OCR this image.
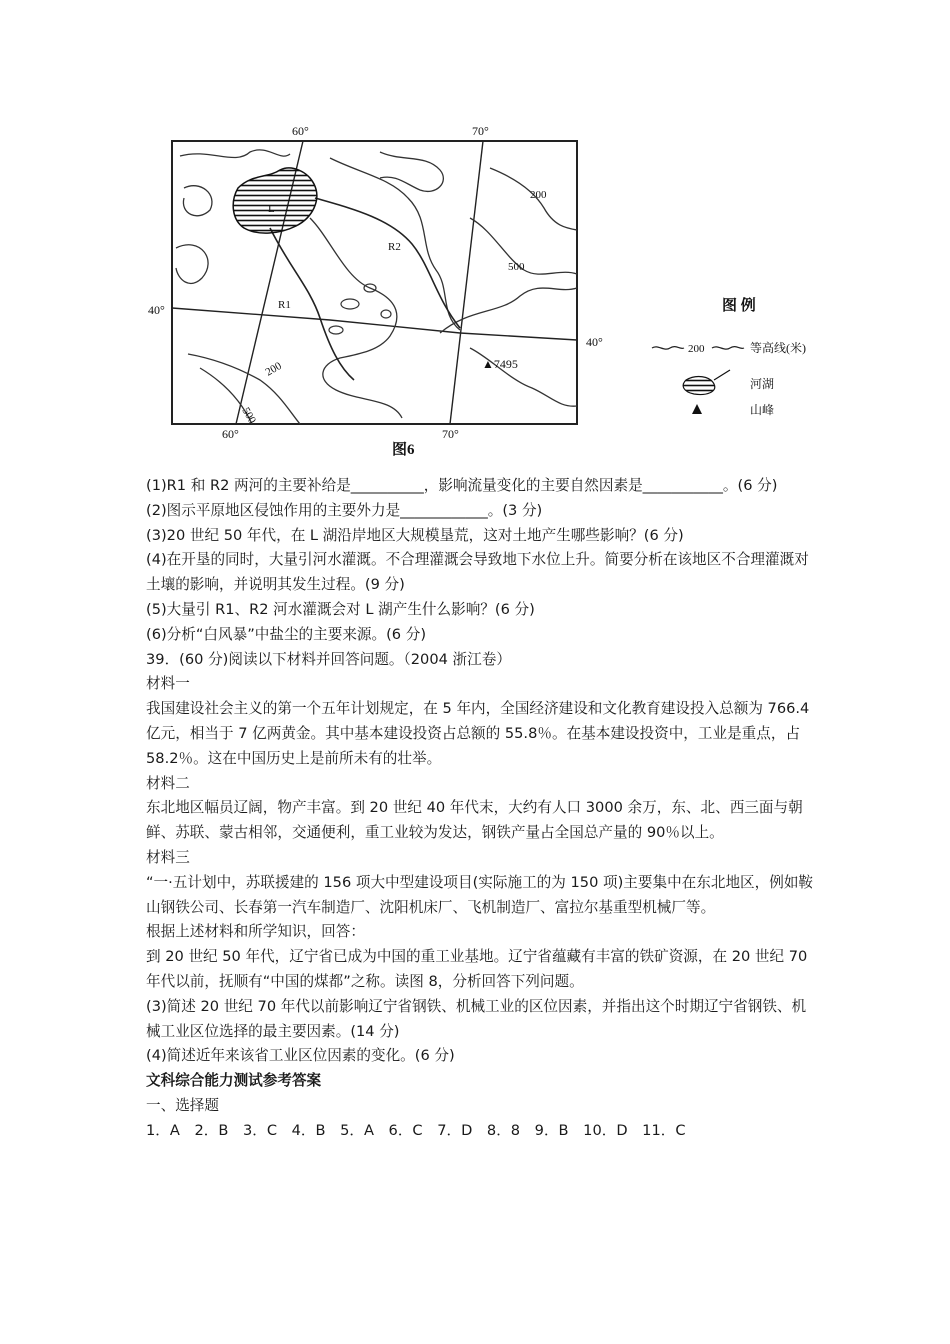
L
60°	70°
60°	70°
40°
40°
200
500
200
500
R1
R2
▲7495
图6
图 例
200	等高线(米)
河湖
山峰

(1)R1 和 R2 两河的主要补给是__________，影响流量变化的主要自然因素是___________。(6 分)

(2)图示平原地区侵蚀作用的主要外力是____________。(3 分)

(3)20 世纪 50 年代，在 L 湖沿岸地区大规模垦荒，这对土地产生哪些影响？(6 分)

(4)在开垦的同时，大量引河水灌溉。不合理灌溉会导致地下水位上升。简要分析在该地区不合理灌溉对土壤的影响，并说明其发生过程。(9 分)

(5)大量引 R1、R2 河水灌溉会对 L 湖产生什么影响？(6 分)

(6)分析“白风暴”中盐尘的主要来源。(6 分)

39．(60 分)阅读以下材料并回答问题。（2004 浙江卷）

材料一

我国建设社会主义的第一个五年计划规定，在 5 年内，全国经济建设和文化教育建设投入总额为 766.4 亿元，相当于 7 亿两黄金。其中基本建设投资占总额的 55.8％。在基本建设投资中，工业是重点，占 58.2％。这在中国历史上是前所未有的壮举。

材料二

东北地区幅员辽阔，物产丰富。到 20 世纪 40 年代末，大约有人口 3000 余万，东、北、西三面与朝鲜、苏联、蒙古相邻，交通便利，重工业较为发达，钢铁产量占全国总产量的 90％以上。

材料三

“一·五计划中，苏联援建的 156 项大中型建设项目(实际施工的为 150 项)主要集中在东北地区，例如鞍山钢铁公司、长春第一汽车制造厂、沈阳机床厂、飞机制造厂、富拉尔基重型机械厂等。

根据上述材料和所学知识，回答：

到 20 世纪 50 年代，辽宁省已成为中国的重工业基地。辽宁省蕴藏有丰富的铁矿资源，在 20 世纪 70 年代以前，抚顺有“中国的煤都”之称。读图 8，分析回答下列问题。

(3)简述 20 世纪 70 年代以前影响辽宁省钢铁、机械工业的区位因素，并指出这个时期辽宁省钢铁、机械工业区位选择的最主要因素。(14 分)

(4)简述近年来该省工业区位因素的变化。(6 分)

文科综合能力测试参考答案

一、选择题

1．A　2．B　3．C　4．B　5．A　6．C　7．D　8．8　9．B　10．D　11．C
